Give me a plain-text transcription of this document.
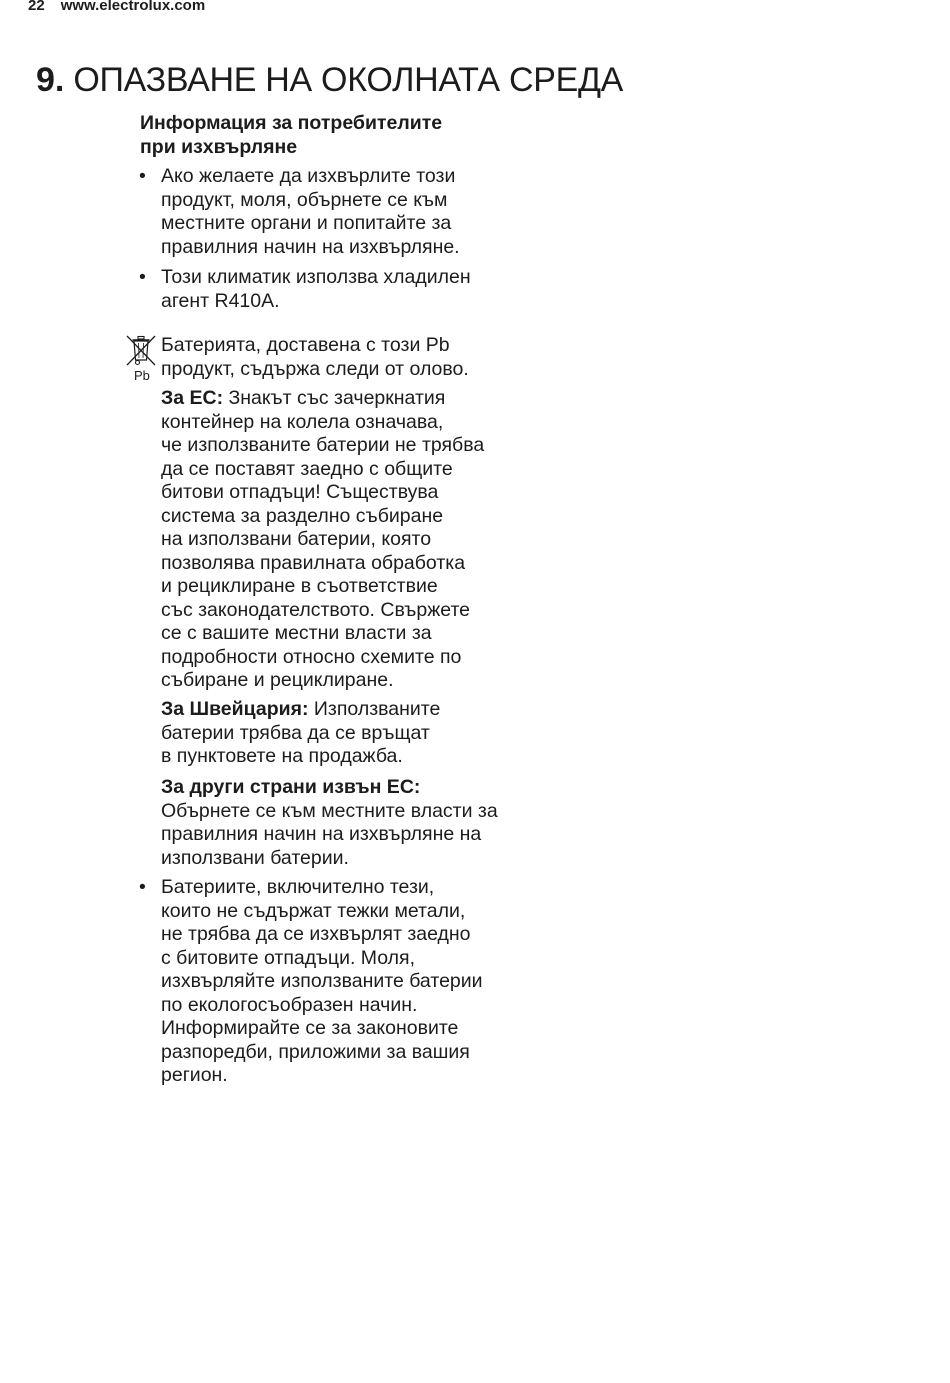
22 www.electrolux.com
9. ОПАЗВАНЕ НА ОКОЛНАТА СРЕДА
Информация за потребителите
при изхвърляне
• Ако желаете да изхвърлите този
продукт, моля, обърнете се към
местните органи и попитайте за
правилния начин на изхвърляне.
• Този климатик използва хладилен
агент R410A.
Pb
Батерията, доставена с този Pb
продукт, съдържа следи от олово.
За ЕС: Знакът със зачеркнатия
контейнер на колела означава,
че използваните батерии не трябва
да се поставят заедно с общите
битови отпадъци! Съществува
система за разделно събиране
на използвани батерии, която
позволява правилната обработка
и рециклиране в съответствие
със законодателството. Свържете
се с вашите местни власти за
подробности относно схемите по
събиране и рециклиране.
За Швейцария: Използваните
батерии трябва да се връщат
в пунктовете на продажба.
За други страни извън ЕС:
Обърнете се към местните власти за
правилния начин на изхвърляне на
използвани батерии.
• Батериите, включително тези,
които не съдържат тежки метали,
не трябва да се изхвърлят заедно
с битовите отпадъци. Моля,
изхвърляйте използваните батерии
по екологосъобразен начин.
Информирайте се за законовите
разпоредби, приложими за вашия
регион.
